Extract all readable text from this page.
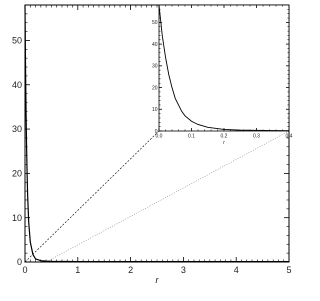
0	1	2	3	4	5
0
10
20
30
40
50
r
0.0	0.1	0.2	0.3	0.4
0
10
20
30
40
50
r
